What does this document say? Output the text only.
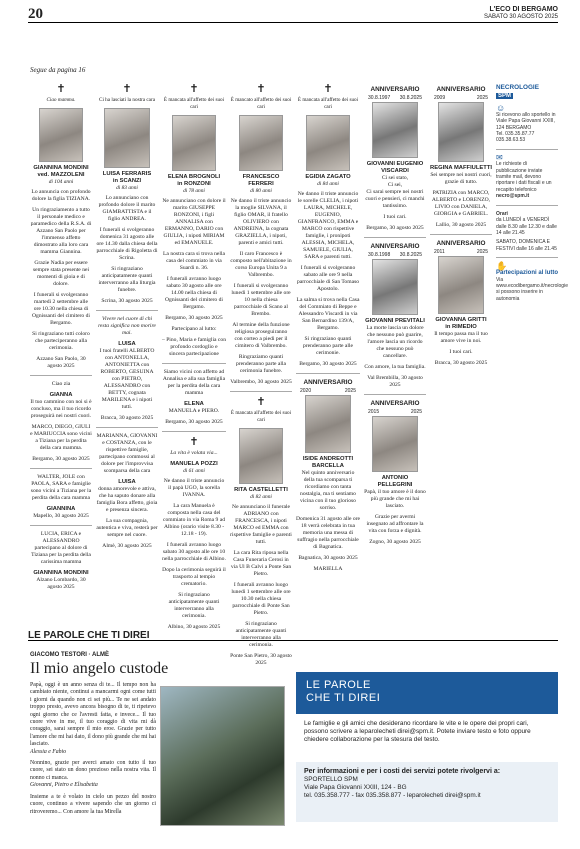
20	L'ECO DI BERGAMO
SABATO 30 AGOSTO 2025
Segue da pagina 16
✝

Ciao mamma.

GIANNINA MONDINI
ved. MAZZOLENI
di 104 anni

Lo annuncia con profondo dolore la figlia TIZIANA.

Un ringraziamento a tutto il personale medico e paramedico della R.S.A. di Azzano San Paolo per l'immenso affetto dimostrato alla loro cara mamma Giannina.

Grazie Nadia per essere sempre stata presente nei momenti di gioia e di dolore.

I funerali si svolgeranno martedì 2 settembre alle ore 10.30 nella chiesa di Ognissanti del cimitero di Bergamo.

Si ringraziano tutti coloro che parteciperanno alla cerimonia.

Azzano San Paolo, 30 agosto 2025

Ciao zia

GIANNA

Il tuo cammino con noi si è concluso, ma il tuo ricordo proseguirà nei nostri cuori.

MARCO, DIEGO, GIULI e MARIUCCIA sono vicini a Tiziana per la perdita della cara mamma.

Bergamo, 30 agosto 2025

WALTER, JOLE con PAOLA, SARA e famiglie sono vicini a Tiziana per la perdita della cara mamma

GIANNINA

Mapello, 30 agosto 2025

LUCIA, ERICA e ALESSANDRO partecipano al dolore di Tiziana per la perdita della carissima mamma

GIANNINA MONDINI

Alzano Lombardo, 30 agosto 2025

✝

Ci ha lasciati la nostra cara

LUISA FERRARIS
in SCANZI
di 83 anni

Lo annunciano con profondo dolore il marito GIAMBATTISTA e il figlio ANDREA.

I funerali si svolgeranno domenica 31 agosto alle ore 14.30 dalla chiesa della parrocchiale di Rigoletta di Scrina.

Si ringraziano anticipatamente quanti interverranno alla liturgia funebre.

Scrina, 30 agosto 2025

Vivere nel cuore di chi resta significa non morire mai.

LUISA

I tuoi fratelli ALBERTO con ANTONELLA, ANTONIETTA con ROBERTO, GESUINA con PIETRO, ALESSANDRO con BETTY, cognata MARILENA e i nipoti tutti.

Bracca, 30 agosto 2025

MARIANNA, GIOVANNI e COSTANZA, con le rispettive famiglie, partecipano commossi al dolore per l'improvvisa scomparsa della cara

LUISA

donna amorevole e attiva, che ha saputo donare alla famiglia Bora affetto, gioia e presenza sincera.

La sua compagnia, autentica e viva, resterà per sempre nel cuore.

Almè, 30 agosto 2025

✝

È mancata all'affetto dei suoi cari

ELENA BROGNOLI
in RONZONI
di 78 anni

Ne annunciano con dolore il marito GIUSEPPE RONZONI, i figli ANNALISA con ERMANNO, DARIO con GIULIA, i nipoti MIRIAM ed EMANUELE.

La nostra cara si trova nella casa del commiato in via Suardi n. 36.

I funerali avranno luogo sabato 30 agosto alle ore 14.00 nella chiesa di Ognissanti del cimitero di Bergamo.

Bergamo, 30 agosto 2025

Partecipano al lutto:

– Pino, Maria e famiglia con profondo cordoglio e sincera partecipazione

Siamo vicini con affetto ad Annalisa e alla sua famiglia per la perdita della cara mamma

ELENA

MANUELA e PIERO.

Bergamo, 30 agosto 2025

✝

La vita è volata via...

MANUELA POZZI
di 61 anni

Ne danno il triste annuncio il papà UGO, la sorella IVANNA.

La cara Manuela è composta nella casa del commiato in via Roma 9 ad Albino (orario visite 8.30 - 12.18 - 19).

I funerali avranno luogo sabato 30 agosto alle ore 10 nella parrocchiale di Albino.

Dopo la cerimonia seguirà il trasporto al tempio crematorio.

Si ringraziano anticipatamente quanti interverranno alla cerimonia.

Albino, 30 agosto 2025

✝

È mancato all'affetto dei suoi cari

FRANCESCO FERRERI
di 80 anni

Ne danno il triste annuncio la moglie SILVANA, il figlio OMAR, il fratello OLIVIERO con ANDREINA, la cognata GRAZIELLA, i nipoti, parenti e amici tutti.

Il caro Francesco è composto nell'abitazione in corso Europa Unita 9 a Valbrembo.

I funerali si svolgeranno lunedì 1 settembre alle ore 10 nella chiesa parrocchiale di Scano al Brembo.

Al termine della funzione religiosa proseguiranno con corteo a piedi per il cimitero di Valbrembo.

Ringraziamo quanti prenderanno parte alla cerimonia funebre.

Valbrembo, 30 agosto 2025

✝

È mancata all'affetto dei suoi cari

RITA CASTELLETTI
di 82 anni

Ne annunciano il funerale ADRIANO con FRANCESCA, i nipoti MARCO ed EMMA con rispettive famiglie e parenti tutti.

La cara Rita riposa nella Casa Funeraria Cerosi in via Ul B Calvi a Ponte San Pietro.

I funerali avranno luogo lunedì 1 settembre alle ore 10.30 nella chiesa parrocchiale di Ponte San Pietro.

Si ringraziano anticipatamente quanti interverranno alla cerimonia.

Ponte San Pietro, 30 agosto 2025

✝

È mancata all'affetto dei suoi cari

EGIDIA ZAGATO
di 84 anni

Ne danno il triste annuncio le sorelle CLELIA, i nipoti LAURA, MICHELE, EUGENIO, GIANFRANCO, EMMA e MARCO con rispettive famiglie, i pronipoti ALESSIA, MICHELA, SAMUELE, GIULIA, SARA e parenti tutti.

I funerali si svolgeranno sabato alle ore 9 nella parrocchiale di San Tomaso Apostolo.

La salma si trova nella Casa del Commiato di Beppe e Alessandro Viscardi in via San Bernardino 139/A, Bergamo.

Si ringraziano quanti prenderanno parte alle cerimonie.

Bergamo, 30 agosto 2025

ANNIVERSARIO
2020	2025
ISIDE ANDREOTTI
BARCELLA

Nel quinto anniversario della tua scomparsa ti ricordiamo con tanta nostalgia, ma ti sentiamo vicina con il tuo glorioso sorriso.

Domenica 31 agosto alle ore 18 verrà celebrata in tua memoria una messa di suffragio nella parrocchiale di Bagnatica.

Bagnatica, 30 agosto 2025

MARIELLA

ANNIVERSARIO
30.8.1997 30.8.2025
GIOVANNI EUGENIO
VISCARDI

Ci sei stato,
Ci sei,
Ci sarai sempre nei nostri cuori e pensieri, ci manchi tantissimo.

I tuoi cari.

Bergamo, 30 agosto 2025

ANNIVERSARIO
30.8.1998 30.8.2025
GIOVANNI PREVITALI

La morte lascia un dolore che nessuno può guarire, l'amore lascia un ricordo che nessuno può cancellare.

Con amore, la tua famiglia.

Val Brembilla, 30 agosto 2025

ANNIVERSARIO
2015	2025
ANTONIO PELLEGRINI

Papà, il tuo amore è il dono più grande che mi hai lasciato.

Grazie per avermi insegnato ad affrontare la vita con forza e dignità.

Zogno, 30 agosto 2025

ANNIVERSARIO
2009	2025
REGINA MAFFIULETTI

Sei sempre nei nostri cuori, grazie di tutto.

PATRIZIA con MARCO, ALBERTO e LORENZO, LIVIO con DANIELA, GIORGIA e GABRIEL.

Lallio, 30 agosto 2025

ANNIVERSARIO
2011	2025
GIOVANNA GRITTI
in RIMEDIO

Il tempo passa ma il tuo amore vive in noi.

I tuoi cari.

Bracca, 30 agosto 2025

NECROLOGIE
SPM
☺

Si ricevono allo sportello in Viale Papa Giovanni XXIII, 124 BERGAMO

Tel. 035.35.87.77
035.38.63.53

✉

Le richieste di pubblicazione inviate tramite mail, devono riportare i dati fiscali e un recapito telefonico

necro@spm.it

Orari

da LUNEDÌ a VENERDÌ dalle 8.30 alle 12.30 e dalle 14 alle 21.45

SABATO, DOMENICA E FESTIVI dalle 16 alle 21.45

✋
Partecipazioni al lutto

Via www.ecodibergamo.it/necrologie si possono inserire in autonomia

LE PAROLE CHE TI DIREI
GIACOMO TESTORI · ALMÈ
Il mio angelo custode

Papà, oggi è un anno senza di te... Il tempo non ha cambiato niente, continui a mancarmi ogni come tutti i giorni da quando non ci sei più... Te ne sei andato troppo presto, avevo ancora bisogno di te, ti ripetevo ogni giorno che ce l'avresti fatta, e invece... Il tuo cuore vive in me, il tuo coraggio di vita mi dà coraggio, sarai sempre il mio eroe. Grazie per tutto l'amore che mi hai dato, il dono più grande che mi hai lasciato.

Alessia e Fabio

Nonnino, grazie per averci amato con tutto il tuo cuore, sei stato un dono prezioso nella nostra vita. Il nonno ci manca.

Giovanni, Pietro e Elisabetta

Insieme a te è volato in cielo un pezzo del nostro cuore, continuo a vivere sapendo che un giorno ci ritroveremo... Con amore la tua Mirella

LE PAROLE
CHE TI DIREI
Le famiglie e gli amici che desiderano ricordare le vite e le opere dei propri cari, possono scrivere a leparolecheti direi@spm.it. Potete inviare testo e foto oppure chiedere collaborazione per la stesura del testo.
Per informazioni e per i costi dei servizi potete rivolgervi a:
SPORTELLO SPM
Viale Papa Giovanni XXIII, 124 - BG
tel. 035.358.777 - fax 035.358.877 - leparolecheti direi@spm.it
